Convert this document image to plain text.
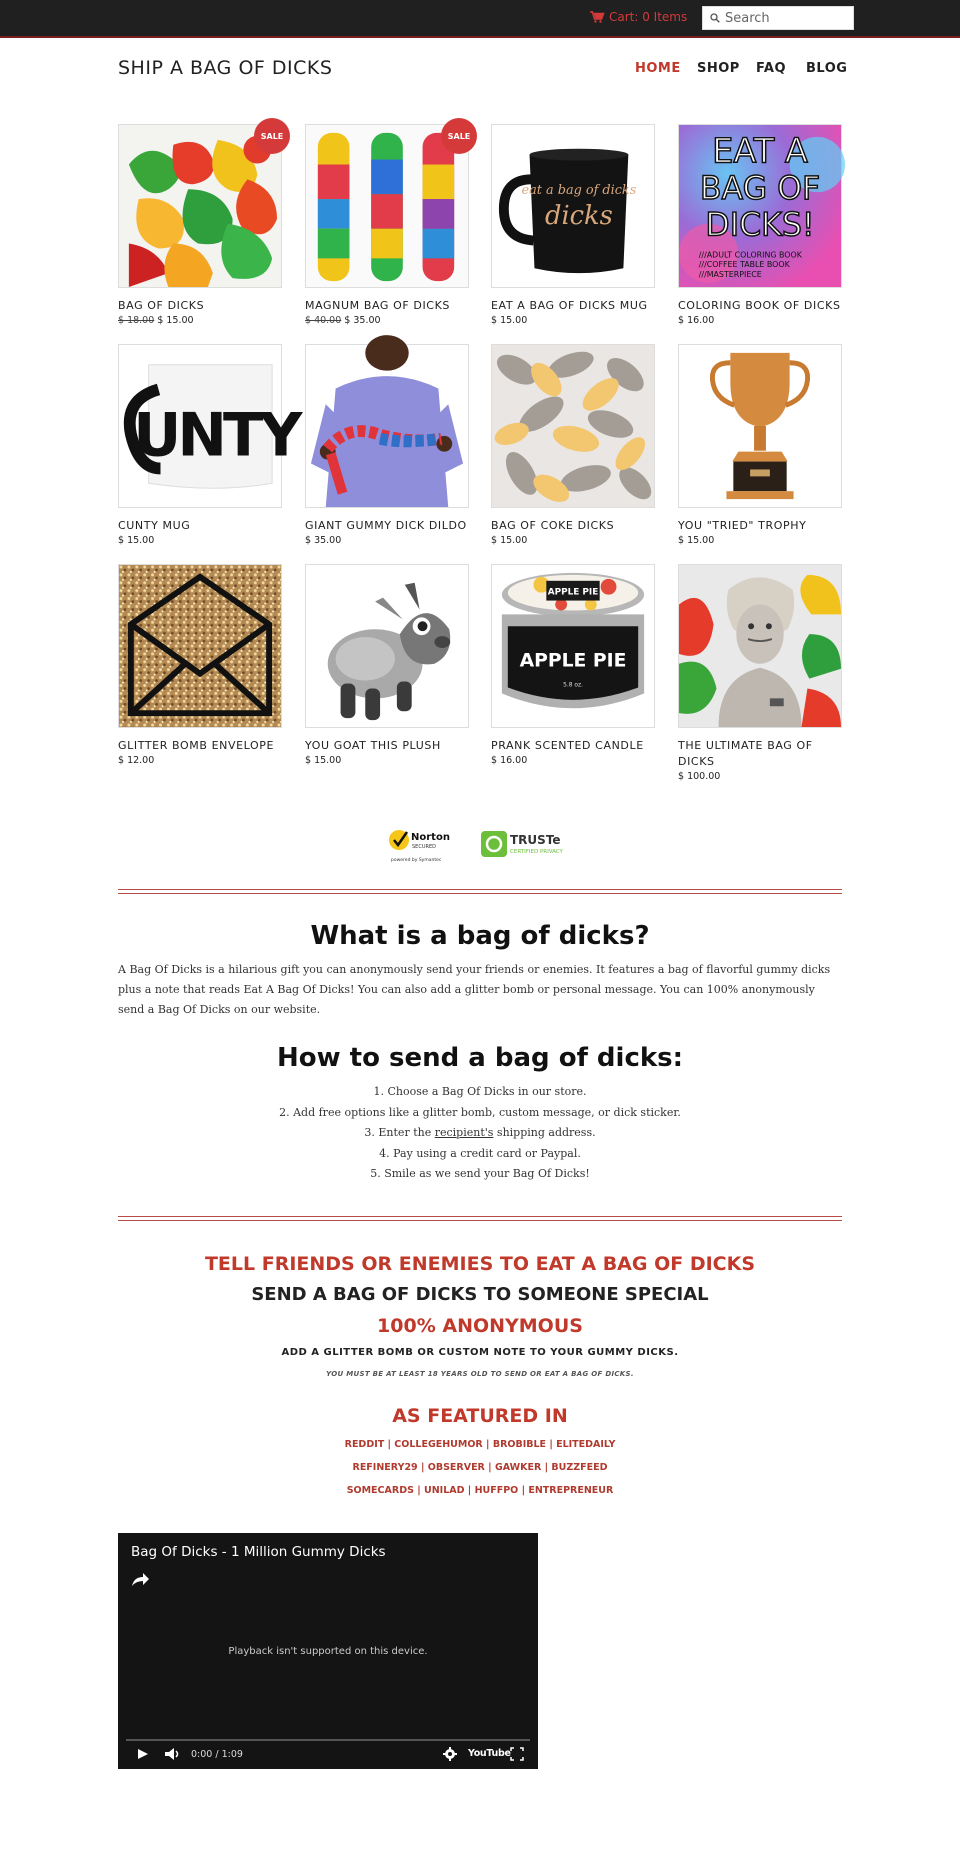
Cart: 0 Items
Search
SHIP A BAG OF DICKS	HOME SHOP FAQ BLOG
SALE
BAG OF DICKS
$ 18.00 $ 15.00
SALE
MAGNUM BAG OF DICKS
$ 40.00 $ 35.00
eat a bag of dicks
dicks
EAT A BAG OF DICKS MUG
$ 15.00
EAT A
BAG OF
DICKS!
///ADULT COLORING BOOK
///COFFEE TABLE BOOK
///MASTERPIECE
COLORING BOOK OF DICKS
$ 16.00
UNTY
CUNTY MUG
$ 15.00
GIANT GUMMY DICK DILDO
$ 35.00
BAG OF COKE DICKS
$ 15.00
YOU "TRIED" TROPHY
$ 15.00
GLITTER BOMB ENVELOPE
$ 12.00
YOU GOAT THIS PLUSH
$ 15.00
APPLE PIE
APPLE PIE
5.8 oz.
PRANK SCENTED CANDLE
$ 16.00
THE ULTIMATE BAG OF DICKS
$ 100.00
Norton
SECURED
powered by Symantec
TRUSTe
CERTIFIED PRIVACY
What is a bag of dicks?
A Bag Of Dicks is a hilarious gift you can anonymously send your friends or enemies. It features a bag of flavorful gummy dicks plus a note that reads Eat A Bag Of Dicks! You can also add a glitter bomb or personal message. You can 100% anonymously send a Bag Of Dicks on our website.
How to send a bag of dicks:
1. Choose a Bag Of Dicks in our store.
2. Add free options like a glitter bomb, custom message, or dick sticker.
3. Enter the recipient's shipping address.
4. Pay using a credit card or Paypal.
5. Smile as we send your Bag Of Dicks!
TELL FRIENDS OR ENEMIES TO EAT A BAG OF DICKS
SEND A BAG OF DICKS TO SOMEONE SPECIAL
100% ANONYMOUS
ADD A GLITTER BOMB OR CUSTOM NOTE TO YOUR GUMMY DICKS.
YOU MUST BE AT LEAST 18 YEARS OLD TO SEND OR EAT A BAG OF DICKS.
AS FEATURED IN
REDDIT | COLLEGEHUMOR | BROBIBLE | ELITEDAILY
REFINERY29 | OBSERVER | GAWKER | BUZZFEED
SOMECARDS | UNILAD | HUFFPO | ENTREPRENEUR
Bag Of Dicks - 1 Million Gummy Dicks
Playback isn't supported on this device.
0:00 / 1:09	YouTube
